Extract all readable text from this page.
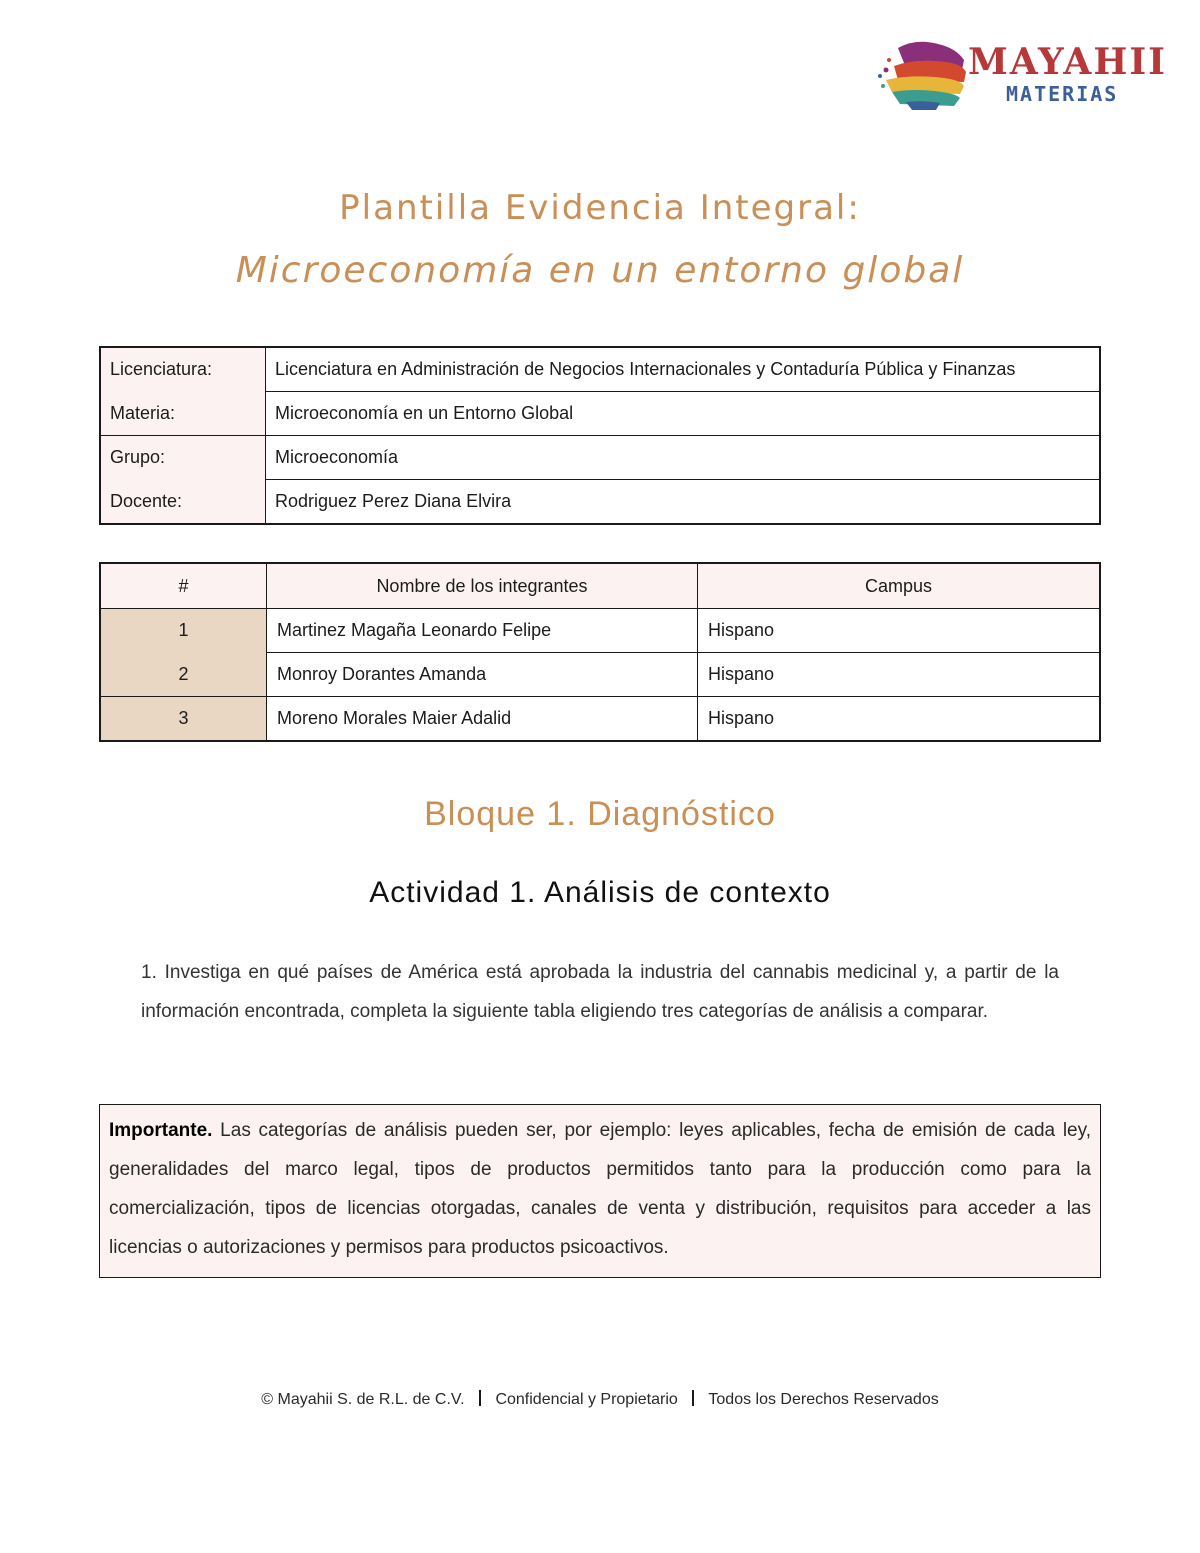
MAYAHII
MATERIAS
Plantilla Evidencia Integral:
Microeconomía en un entorno global
Licenciatura:	Licenciatura en Administración de Negocios Internacionales y Contaduría Pública y Finanzas
Materia:	Microeconomía en un Entorno Global
Grupo:	Microeconomía
Docente:	Rodriguez Perez Diana Elvira
#	Nombre de los integrantes	Campus
1	Martinez Magaña Leonardo Felipe	Hispano
2	Monroy Dorantes Amanda	Hispano
3	Moreno Morales Maier Adalid	Hispano
Bloque 1. Diagnóstico
Actividad 1. Análisis de contexto
1. Investiga en qué países de América está aprobada la industria del cannabis medicinal y, a partir de la información encontrada, completa la siguiente tabla eligiendo tres categorías de análisis a comparar.
Importante. Las categorías de análisis pueden ser, por ejemplo: leyes aplicables, fecha de emisión de cada ley, generalidades del marco legal, tipos de productos permitidos tanto para la producción como para la comercialización, tipos de licencias otorgadas, canales de venta y distribución, requisitos para acceder a las licencias o autorizaciones y permisos para productos psicoactivos.
© Mayahii S. de R.L. de C.V. Confidencial y Propietario Todos los Derechos Reservados
